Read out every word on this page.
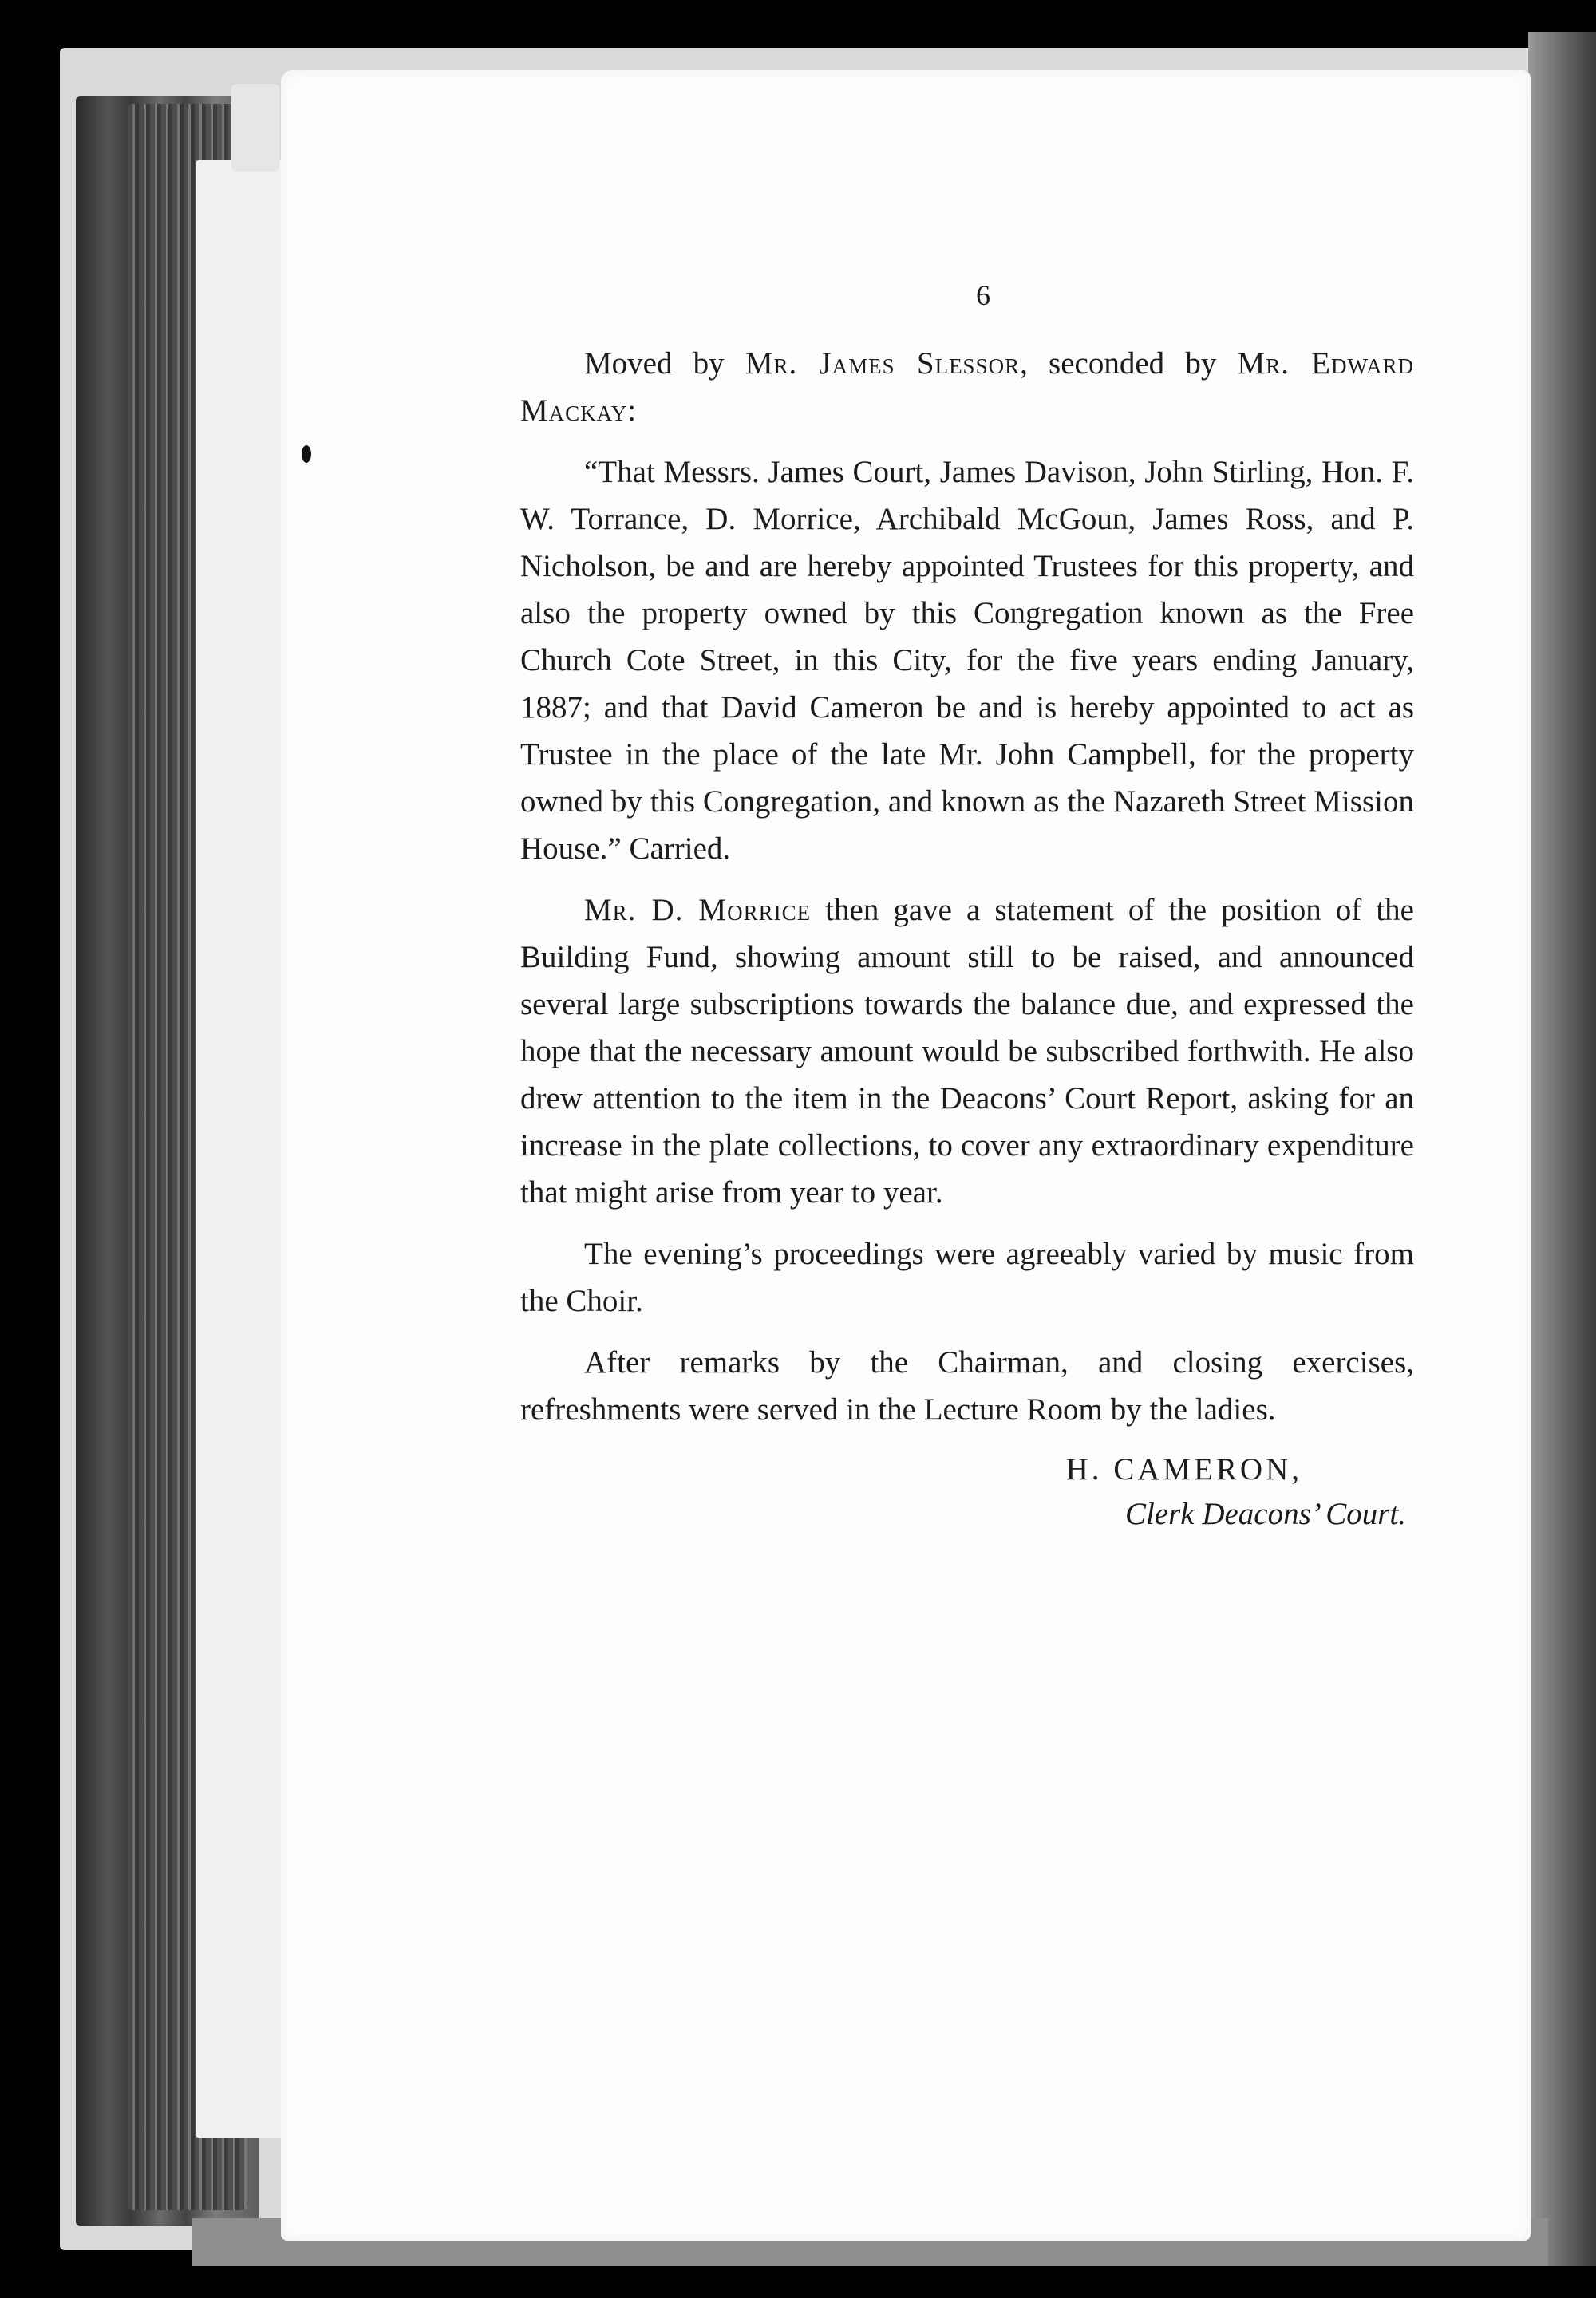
6

Moved by Mr. James Slessor, seconded by Mr. Edward Mackay:

“That Messrs. James Court, James Davison, John Stirling, Hon. F. W. Torrance, D. Morrice, Archibald McGoun, James Ross, and P. Nicholson, be and are hereby appointed Trustees for this property, and also the property owned by this Congregation known as the Free Church Cote Street, in this City, for the five years ending January, 1887; and that David Cameron be and is hereby appointed to act as Trustee in the place of the late Mr. John Campbell, for the property owned by this Congregation, and known as the Nazareth Street Mission House.” Carried.

Mr. D. Morrice then gave a statement of the position of the Building Fund, showing amount still to be raised, and announced several large subscriptions towards the balance due, and expressed the hope that the necessary amount would be subscribed forthwith. He also drew attention to the item in the Deacons’ Court Report, asking for an increase in the plate collections, to cover any extraordinary expenditure that might arise from year to year.

The evening’s proceedings were agreeably varied by music from the Choir.

After remarks by the Chairman, and closing exercises, refreshments were served in the Lecture Room by the ladies.

H. CAMERON,
Clerk Deacons’ Court.
